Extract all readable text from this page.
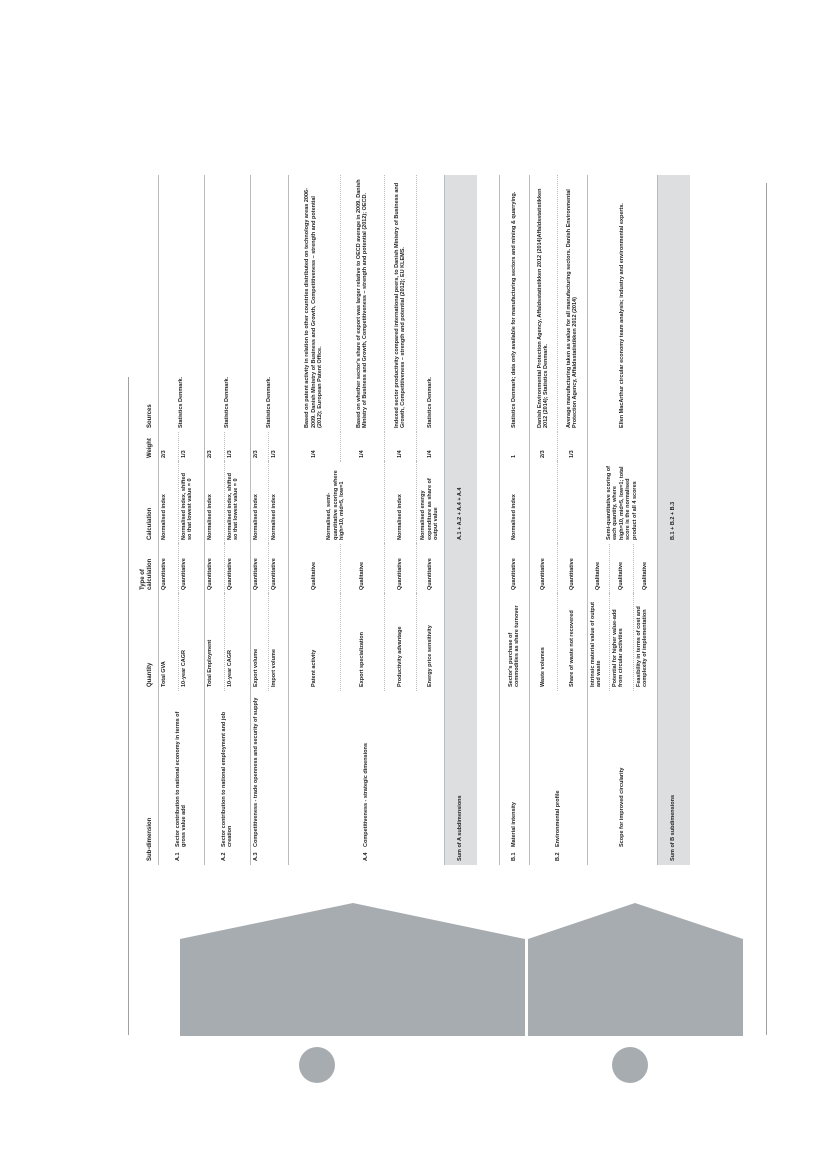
Sub-dimension	Quantity	Type of calculation	Calculation	Weight	Sources
A.1Sector contribution to national economy in terms of gross value add	Total GVA	Quantitative	Normalised index	2/3	Statistics Denmark.
	10-year CAGR	Quantitative	Normalised index, shifted so that lowest value = 0	1/3	
A.2Sector contribution to national employment and job creation	Total Employment	Quantitative	Normalised index	2/3	Statistics Denmark.
	10-year CAGR	Quantitative	Normalised index, shifted so that lowest value = 0	1/3	
A.3Competitiveness - trade openness and security of supply	Export volume	Quantitative	Normalised index	2/3	Statistics Denmark.
	Import volume	Quantitative	Normalised index	1/3	
A.4Competitiveness - strategic dimensions	Patent activity	Qualitative	Normalised, semi-quantitative scoring where high=10, mid=5, low=1	1/4	Based on patent activity in relation to other countries distributed on technology areas 2006-2009. Danish Ministry of Business and Growth, Competitiveness – strength and potential (2012); European Patent Office.
	Export specialization	Qualitative		1/4	Based on whether sector's share of export was larger relative to OECD average in 2009. Danish Ministry of Business and Growth, Competitiveness – strength and potential (2012); OECD.
	Productivity advantage	Quantitative	Normalised index	1/4	Indexed sector productivity compared international peers, to Danish Ministry of Business and Growth, Competitiveness – strength and potential (2012); EU KLEMS.
	Energy price sensitivity	Quantitative	Normalised energy expenditure as share of output value	1/4	Statistics Denmark.
Sum of A subdimensions			A.1 + A.2 + A.4 + A.4		

B.1Material intensity	Sector's purchase of commodities as share turnover	Quantitative	Normalised index	1	Statistics Denmark; data only available for manufacturing sectors and mining & quarrying.
B.2Environmental profile	Waste volumes	Quantitative		2/3	Danish Environmental Protection Agency, Affaldsstatistikken 2012 (2014)Affaldsstatistikken 2012 (2014); Statistics Denmark.
	Share of waste not recovered	Quantitative		1/3	Average manufacturing taken as value for all manufacturing sectors. Danish Environmental Protection Agency, Affaldsstatistikken 2012 (2014)
Scope for improved circularity	Intrinsic material value of output and waste	Qualitative	Semi-quantitative scoring of each quantity, where high=10, mid=5, low=1; total score is the normalised product of all 4 scores		Ellen MacArthur circular economy team analysis; industry and environmental experts.
	Potential for higher value-add from circular activities	Qualitative			
	Feasibility in terms of cost and complexity of implementation	Qualitative			
Sum of B subdimensions			B.1 + B.2 + B.3		
